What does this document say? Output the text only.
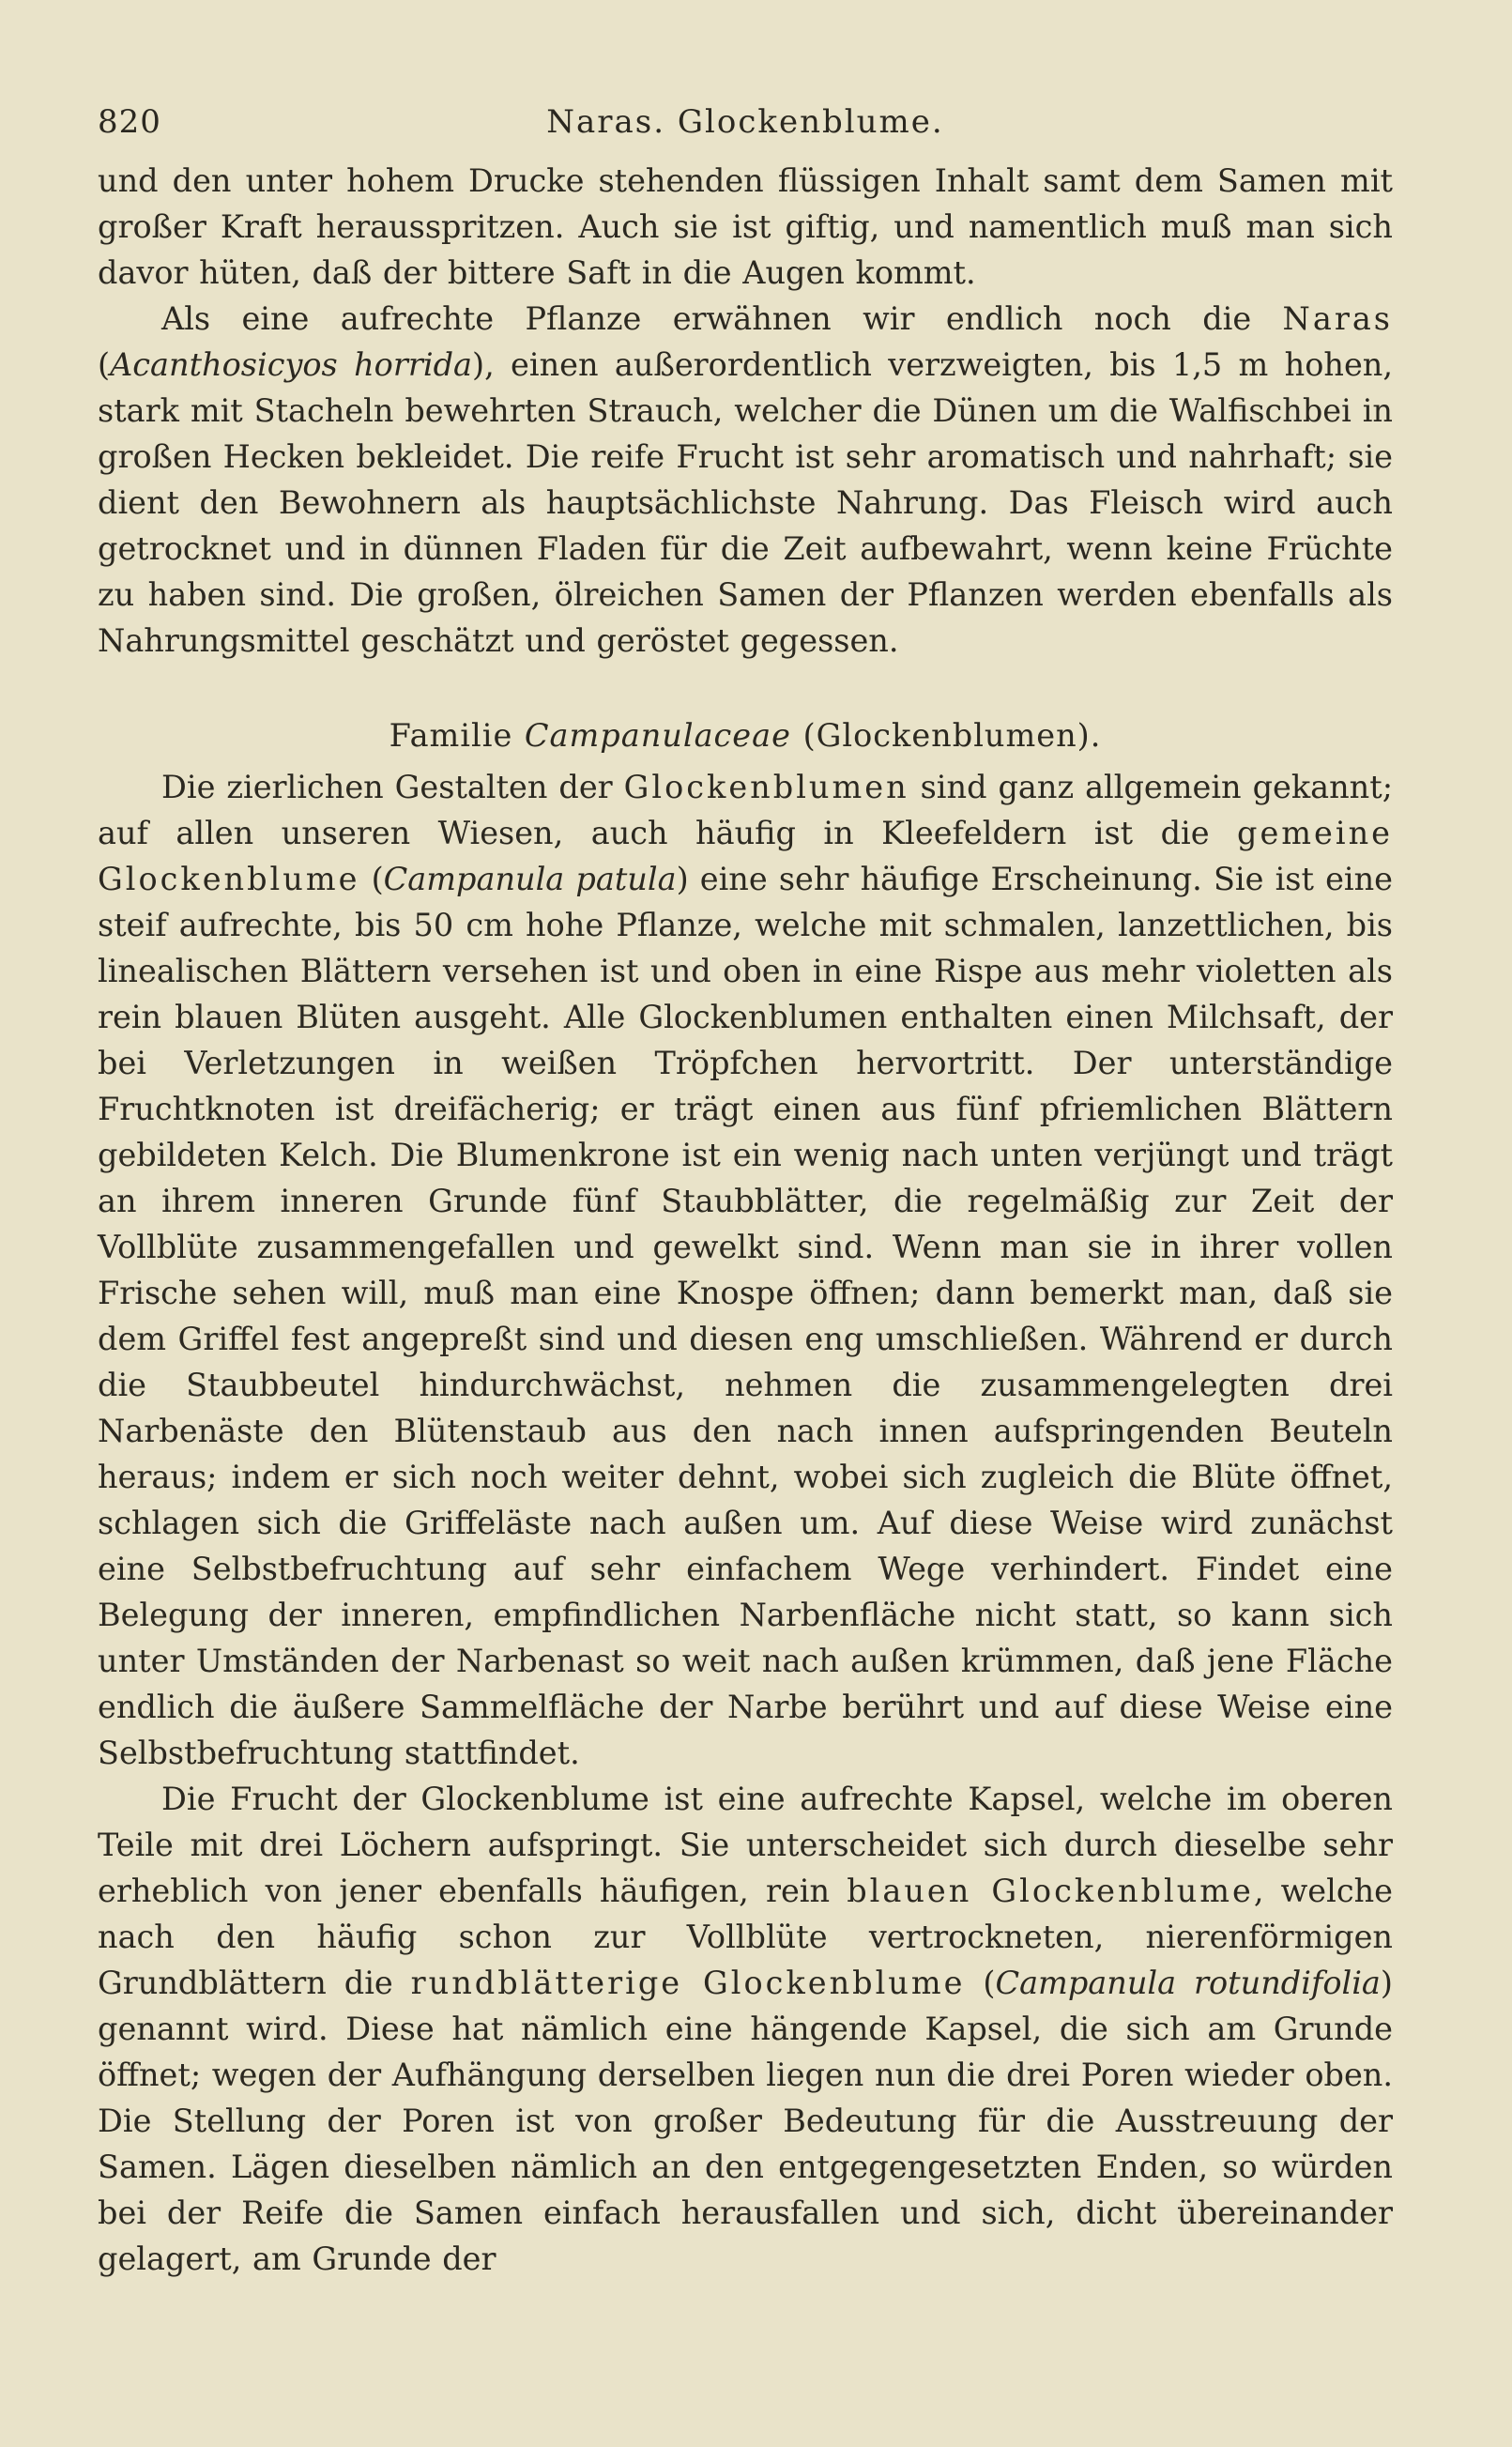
820	Naras. Glockenblume.

und den unter hohem Drucke stehenden flüssigen Inhalt samt dem Samen mit großer Kraft herausspritzen. Auch sie ist giftig, und namentlich muß man sich davor hüten, daß der bittere Saft in die Augen kommt.

Als eine aufrechte Pflanze erwähnen wir endlich noch die Naras (Acanthosicyos horrida), einen außerordentlich verzweigten, bis 1,5 m hohen, stark mit Stacheln bewehrten Strauch, welcher die Dünen um die Walfischbei in großen Hecken bekleidet. Die reife Frucht ist sehr aromatisch und nahrhaft; sie dient den Bewohnern als hauptsächlichste Nahrung. Das Fleisch wird auch getrocknet und in dünnen Fladen für die Zeit aufbewahrt, wenn keine Früchte zu haben sind. Die großen, ölreichen Samen der Pflanzen werden ebenfalls als Nahrungsmittel geschätzt und geröstet gegessen.

Familie Campanulaceae (Glockenblumen).

Die zierlichen Gestalten der Glockenblumen sind ganz allgemein gekannt; auf allen unseren Wiesen, auch häufig in Kleefeldern ist die gemeine Glockenblume (Campanula patula) eine sehr häufige Erscheinung. Sie ist eine steif aufrechte, bis 50 cm hohe Pflanze, welche mit schmalen, lanzettlichen, bis linealischen Blättern versehen ist und oben in eine Rispe aus mehr violetten als rein blauen Blüten ausgeht. Alle Glockenblumen enthalten einen Milchsaft, der bei Verletzungen in weißen Tröpfchen hervortritt. Der unterständige Fruchtknoten ist dreifächerig; er trägt einen aus fünf pfriemlichen Blättern gebildeten Kelch. Die Blumenkrone ist ein wenig nach unten verjüngt und trägt an ihrem inneren Grunde fünf Staubblätter, die regelmäßig zur Zeit der Vollblüte zusammengefallen und gewelkt sind. Wenn man sie in ihrer vollen Frische sehen will, muß man eine Knospe öffnen; dann bemerkt man, daß sie dem Griffel fest angepreßt sind und diesen eng umschließen. Während er durch die Staubbeutel hindurchwächst, nehmen die zusammengelegten drei Narbenäste den Blütenstaub aus den nach innen aufspringenden Beuteln heraus; indem er sich noch weiter dehnt, wobei sich zugleich die Blüte öffnet, schlagen sich die Griffeläste nach außen um. Auf diese Weise wird zunächst eine Selbstbefruchtung auf sehr einfachem Wege verhindert. Findet eine Belegung der inneren, empfindlichen Narbenfläche nicht statt, so kann sich unter Umständen der Narbenast so weit nach außen krümmen, daß jene Fläche endlich die äußere Sammelfläche der Narbe berührt und auf diese Weise eine Selbstbefruchtung stattfindet.

Die Frucht der Glockenblume ist eine aufrechte Kapsel, welche im oberen Teile mit drei Löchern aufspringt. Sie unterscheidet sich durch dieselbe sehr erheblich von jener ebenfalls häufigen, rein blauen Glockenblume, welche nach den häufig schon zur Vollblüte vertrockneten, nierenförmigen Grundblättern die rundblätterige Glockenblume (Campanula rotundifolia) genannt wird. Diese hat nämlich eine hängende Kapsel, die sich am Grunde öffnet; wegen der Aufhängung derselben liegen nun die drei Poren wieder oben. Die Stellung der Poren ist von großer Bedeutung für die Ausstreuung der Samen. Lägen dieselben nämlich an den entgegengesetzten Enden, so würden bei der Reife die Samen einfach herausfallen und sich, dicht übereinander gelagert, am Grunde der
